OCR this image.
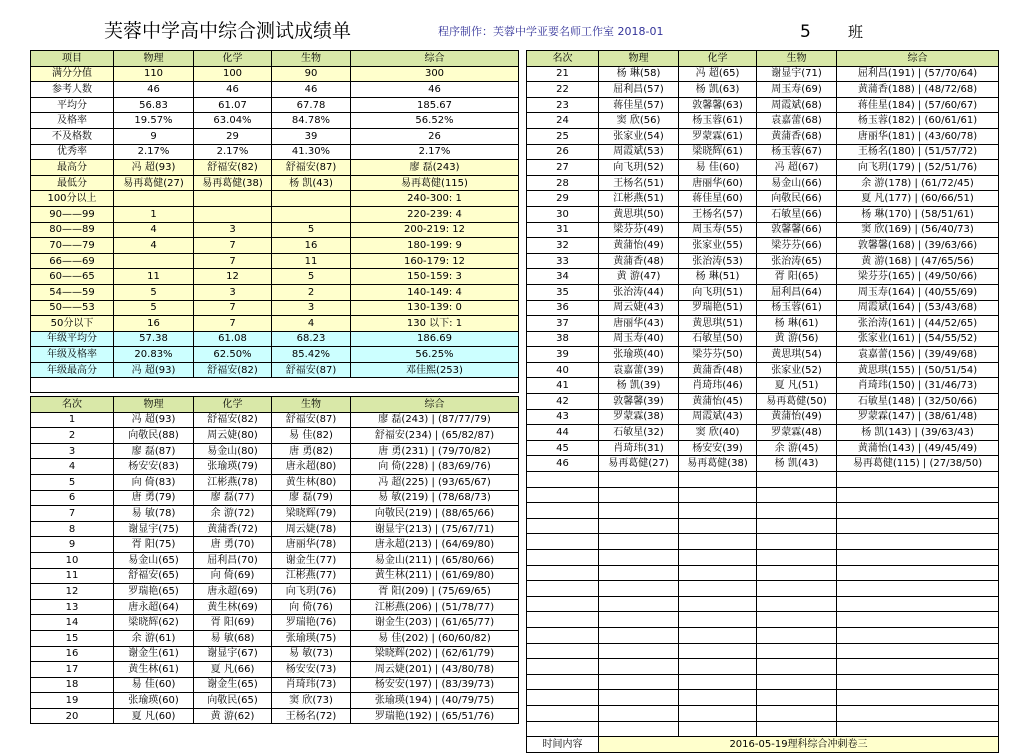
芙蓉中学高中综合测试成绩单	程序制作：芙蓉中学亚要名师工作室 2018-01	5 班
项目	物理	化学	生物	综合
满分分值	110	100	90	300
参考人数	46	46	46	46
平均分	56.83	61.07	67.78	185.67
及格率	19.57%	63.04%	84.78%	56.52%
不及格数	9	29	39	26
优秀率	2.17%	2.17%	41.30%	2.17%
最高分	冯 超(93)	舒福安(82)	舒福安(87)	廖 磊(243)
最低分	易再葛健(27)	易再葛健(38)	杨 凯(43)	易再葛健(115)
100分以上				240-300: 1
90——99	1			220-239: 4
80——89	4	3	5	200-219: 12
70——79	4	7	16	180-199: 9
66——69		7	11	160-179: 12
60——65	11	12	5	150-159: 3
54——59	5	3	2	140-149: 4
50——53	5	7	3	130-139: 0
50分以下	16	7	4	130 以下: 1
年级平均分	57.38	61.08	68.23	186.69
年级及格率	20.83%	62.50%	85.42%	56.25%
年级最高分	冯 超(93)	舒福安(82)	舒福安(87)	邓佳熙(253)

名次	物理	化学	生物	综合
1	冯 超(93)	舒福安(82)	舒福安(87)	廖 磊(243) | (87/77/79)
2	向敬民(88)	周云婕(80)	易 佳(82)	舒福安(234) | (65/82/87)
3	廖 磊(87)	易金山(80)	唐 勇(82)	唐 勇(231) | (79/70/82)
4	杨安安(83)	张瑜瑛(79)	唐永超(80)	向 倚(228) | (83/69/76)
5	向 倚(83)	江彬燕(78)	黄生林(80)	冯 超(225) | (93/65/67)
6	唐 勇(79)	廖 磊(77)	廖 磊(79)	易 敏(219) | (78/68/73)
7	易 敏(78)	余 游(72)	梁晓辉(79)	向敬民(219) | (88/65/66)
8	谢显宇(75)	黄蒲香(72)	周云婕(78)	谢显宇(213) | (75/67/71)
9	胥 阳(75)	唐 勇(70)	唐丽华(78)	唐永超(213) | (64/69/80)
10	易金山(65)	屈利昌(70)	谢金生(77)	易金山(211) | (65/80/66)
11	舒福安(65)	向 倚(69)	江彬燕(77)	黄生林(211) | (61/69/80)
12	罗瑞艳(65)	唐永超(69)	向飞玥(76)	胥 阳(209) | (75/69/65)
13	唐永超(64)	黄生林(69)	向 倚(76)	江彬燕(206) | (51/78/77)
14	梁晓辉(62)	胥 阳(69)	罗瑞艳(76)	谢金生(203) | (61/65/77)
15	余 游(61)	易 敏(68)	张瑜瑛(75)	易 佳(202) | (60/60/82)
16	谢金生(61)	谢显宇(67)	易 敏(73)	梁晓辉(202) | (62/61/79)
17	黄生林(61)	夏 凡(66)	杨安安(73)	周云婕(201) | (43/80/78)
18	易 佳(60)	谢金生(65)	肖琦玮(73)	杨安安(197) | (83/39/73)
19	张瑜瑛(60)	向敬民(65)	窦 欣(73)	张瑜瑛(194) | (40/79/75)
20	夏 凡(60)	黄 游(62)	王杨名(72)	罗瑞艳(192) | (65/51/76)
名次	物理	化学	生物	综合
21	杨 琳(58)	冯 超(65)	谢显宇(71)	屈利昌(191) | (57/70/64)
22	屈利昌(57)	杨 凯(63)	周玉寿(69)	黄蒲香(188) | (48/72/68)
23	蒋佳星(57)	敦馨馨(63)	周霞斌(68)	蒋佳星(184) | (57/60/67)
24	窦 欣(56)	杨玉蓉(61)	袁嘉蕾(68)	杨玉蓉(182) | (60/61/61)
25	张家业(54)	罗蒙霖(61)	黄蒲香(68)	唐丽华(181) | (43/60/78)
26	周霞斌(53)	梁晓辉(61)	杨玉蓉(67)	王杨名(180) | (51/57/72)
27	向飞玥(52)	易 佳(60)	冯 超(67)	向飞玥(179) | (52/51/76)
28	王杨名(51)	唐丽华(60)	易金山(66)	余 游(178) | (61/72/45)
29	江彬燕(51)	蒋佳星(60)	向敬民(66)	夏 凡(177) | (60/66/51)
30	黄思琪(50)	王杨名(57)	石敏星(66)	杨 琳(170) | (58/51/61)
31	梁芬芬(49)	周玉寿(55)	敦馨馨(66)	窦 欣(169) | (56/40/73)
32	黄蒲怡(49)	张家业(55)	梁芬芬(66)	敦馨馨(168) | (39/63/66)
33	黄蒲香(48)	张治涛(53)	张治涛(65)	黄 游(168) | (47/65/56)
34	黄 游(47)	杨 琳(51)	胥 阳(65)	梁芬芬(165) | (49/50/66)
35	张治涛(44)	向飞玥(51)	屈利昌(64)	周玉寿(164) | (40/55/69)
36	周云婕(43)	罗瑞艳(51)	杨玉蓉(61)	周霞斌(164) | (53/43/68)
37	唐丽华(43)	黄思琪(51)	杨 琳(61)	张治涛(161) | (44/52/65)
38	周玉寿(40)	石敏星(50)	黄 游(56)	张家业(161) | (54/55/52)
39	张瑜瑛(40)	梁芬芬(50)	黄思琪(54)	袁嘉蕾(156) | (39/49/68)
40	袁嘉蕾(39)	黄蒲香(48)	张家业(52)	黄思琪(155) | (50/51/54)
41	杨 凯(39)	肖琦玮(46)	夏 凡(51)	肖琦玮(150) | (31/46/73)
42	敦馨馨(39)	黄蒲怡(45)	易再葛健(50)	石敏星(148) | (32/50/66)
43	罗蒙霖(38)	周霞斌(43)	黄蒲怡(49)	罗蒙霖(147) | (38/61/48)
44	石敏星(32)	窦 欣(40)	罗蒙霖(48)	杨 凯(143) | (39/63/43)
45	肖琦玮(31)	杨安安(39)	余 游(45)	黄蒲怡(143) | (49/45/49)
46	易再葛健(27)	易再葛健(38)	杨 凯(43)	易再葛健(115) | (27/38/50)

时间内容	2016-05-19理科综合冲刺卷三			
